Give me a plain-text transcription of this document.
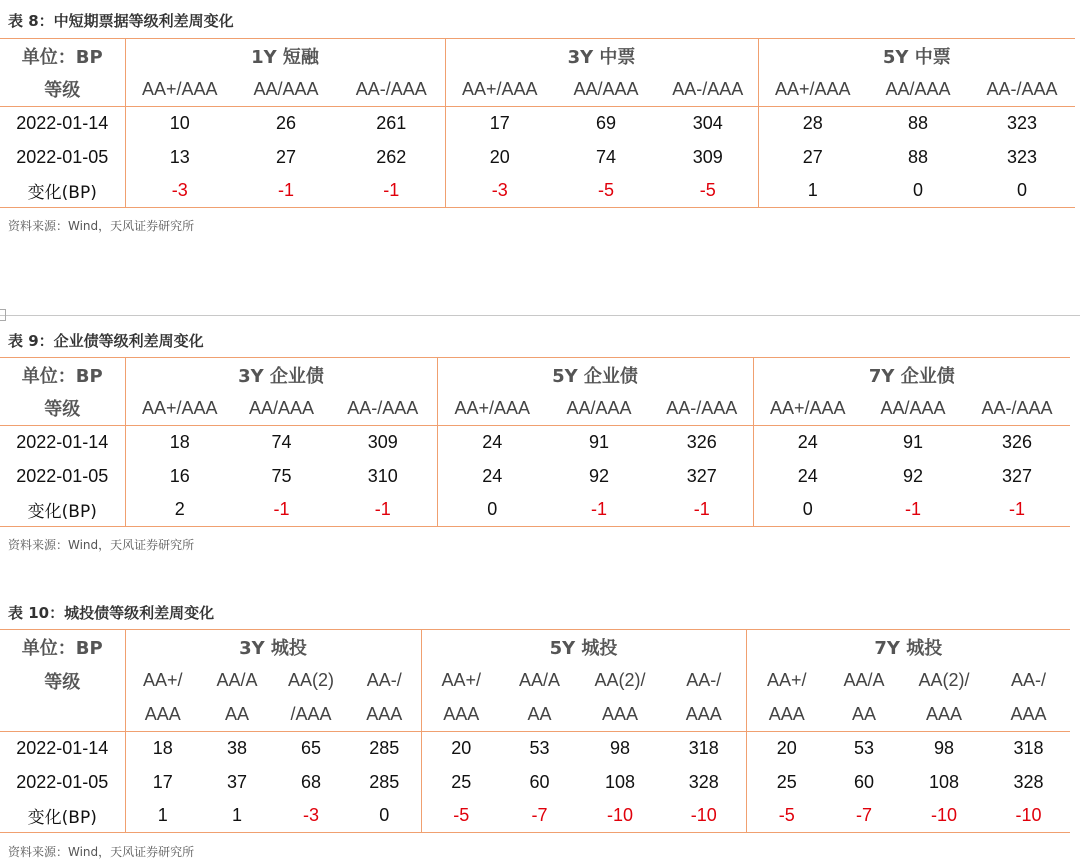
表 8：中短期票据等级利差周变化
单位：BP	1Y 短融			3Y 中票			5Y 中票		
等级	AA+/AAA	AA/AAA	AA-/AAA	AA+/AAA	AA/AAA	AA-/AAA	AA+/AAA	AA/AAA	AA-/AAA
2022-01-14	10	26	261	17	69	304	28	88	323
2022-01-05	13	27	262	20	74	309	27	88	323
变化(BP)	-3	-1	-1	-3	-5	-5	1	0	0
资料来源：Wind，天风证券研究所
表 9：企业债等级利差周变化
单位：BP	3Y 企业债			5Y 企业债			7Y 企业债		
等级	AA+/AAA	AA/AAA	AA-/AAA	AA+/AAA	AA/AAA	AA-/AAA	AA+/AAA	AA/AAA	AA-/AAA
2022-01-14	18	74	309	24	91	326	24	91	326
2022-01-05	16	75	310	24	92	327	24	92	327
变化(BP)	2	-1	-1	0	-1	-1	0	-1	-1
资料来源：Wind，天风证券研究所
表 10：城投债等级利差周变化
单位：BP	3Y 城投				5Y 城投				7Y 城投			
等级	AA+/	AA/A	AA(2)	AA-/	AA+/	AA/A	AA(2)/	AA-/	AA+/	AA/A	AA(2)/	AA-/
	AAA	AA	/AAA	AAA	AAA	AA	AAA	AAA	AAA	AA	AAA	AAA
2022-01-14	18	38	65	285	20	53	98	318	20	53	98	318
2022-01-05	17	37	68	285	25	60	108	328	25	60	108	328
变化(BP)	1	1	-3	0	-5	-7	-10	-10	-5	-7	-10	-10
资料来源：Wind，天风证券研究所
